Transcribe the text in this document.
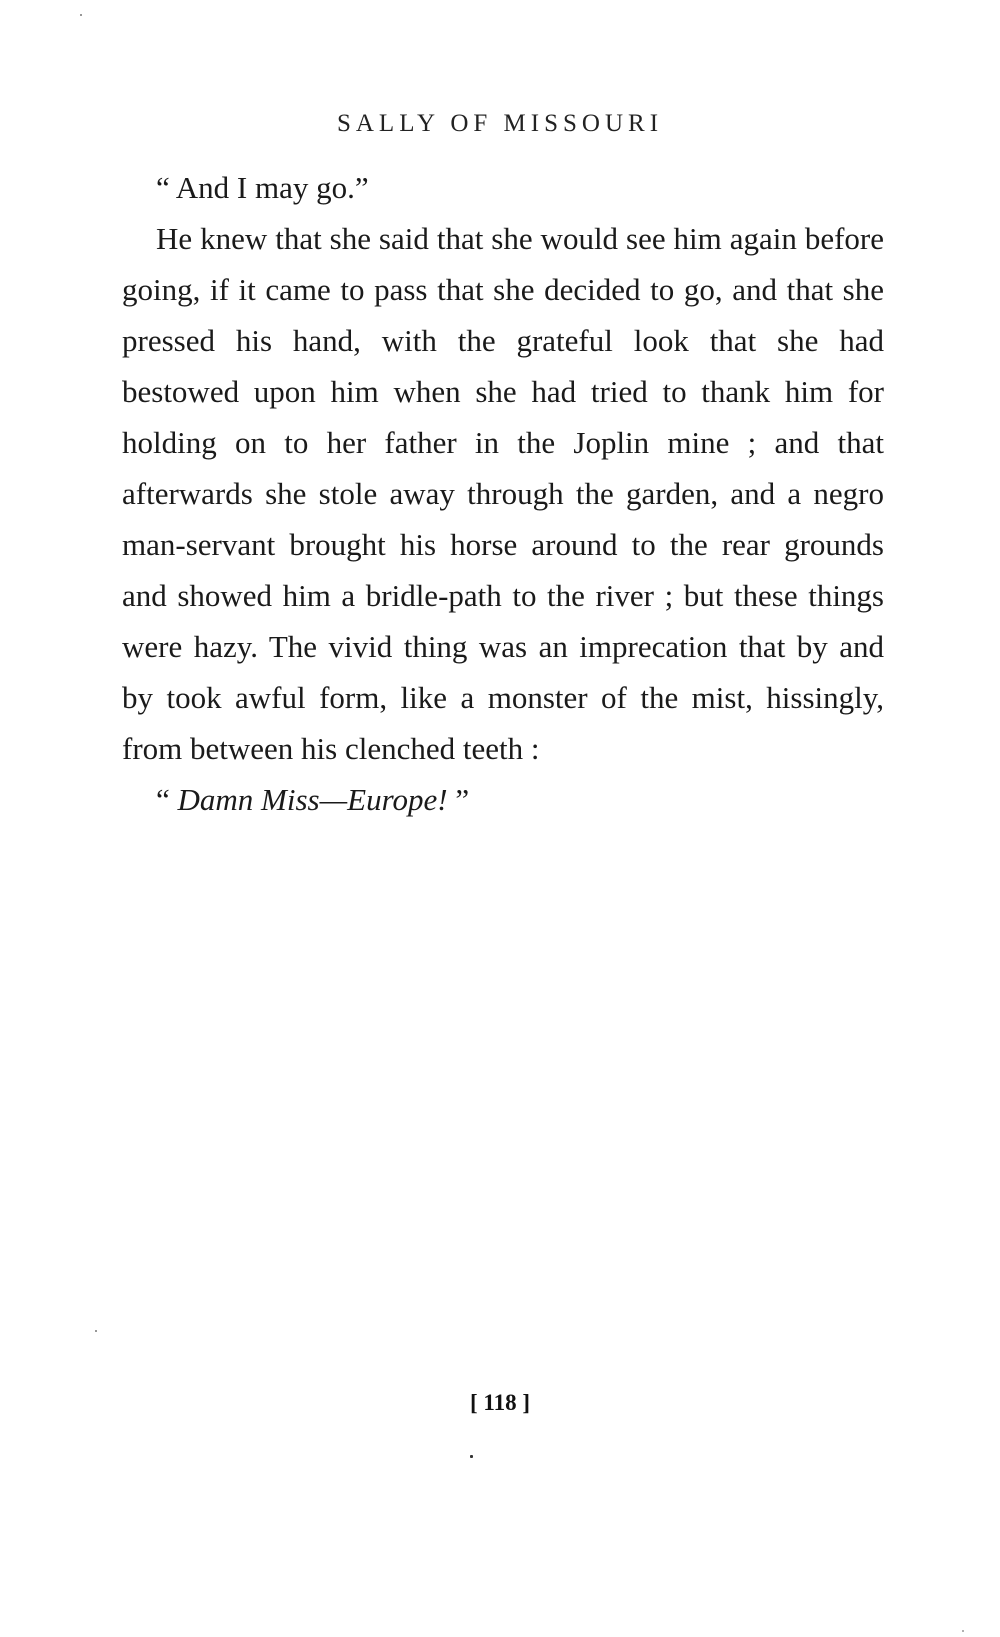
SALLY OF MISSOURI

“ And I may go.”

He knew that she said that she would see him again before going, if it came to pass that she decided to go, and that she pressed his hand, with the grateful look that she had bestowed upon him when she had tried to thank him for holding on to her father in the Joplin mine ; and that afterwards she stole away through the garden, and a negro man-servant brought his horse around to the rear grounds and showed him a bridle-path to the river ; but these things were hazy. The vivid thing was an imprecation that by and by took awful form, like a monster of the mist, hissingly, from between his clenched teeth :

“ Damn Miss—Europe! ”

[ 118 ]
